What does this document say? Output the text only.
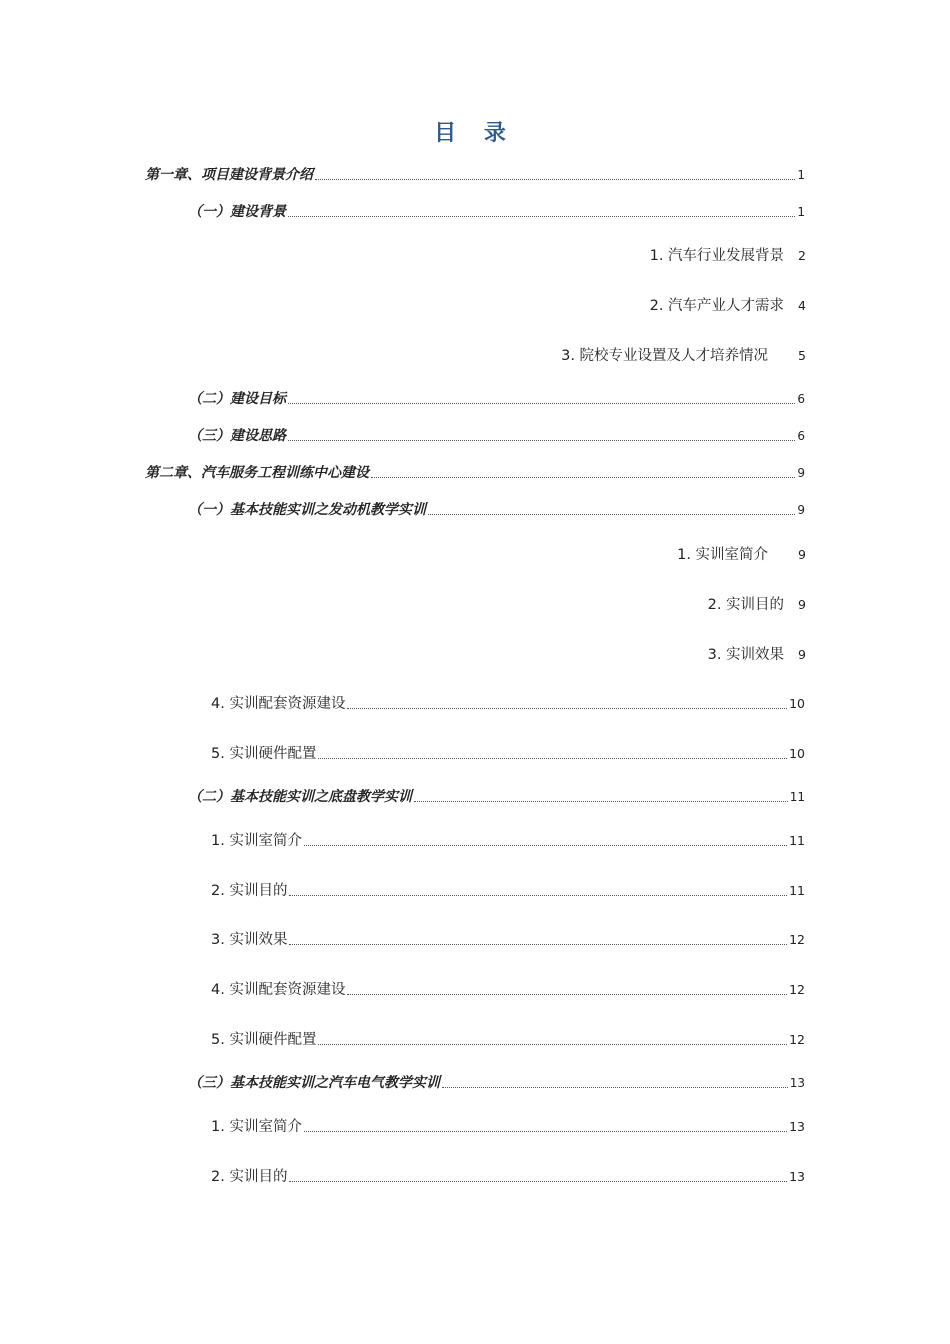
目 录
第一章、项目建设背景介绍	1
（一）建设背景	1
1. 汽车行业发展背景 2
2. 汽车产业人才需求 4
3. 院校专业设置及人才培养情况 5
（二）建设目标	6
（三）建设思路	6
第二章、汽车服务工程训练中心建设	9
（一）基本技能实训之发动机教学实训	9
1. 实训室简介 9
2. 实训目的 9
3. 实训效果 9
4. 实训配套资源建设	10
5. 实训硬件配置	10
（二）基本技能实训之底盘教学实训	11
1. 实训室简介	11
2. 实训目的	11
3. 实训效果	12
4. 实训配套资源建设	12
5. 实训硬件配置	12
（三）基本技能实训之汽车电气教学实训	13
1. 实训室简介	13
2. 实训目的	13
